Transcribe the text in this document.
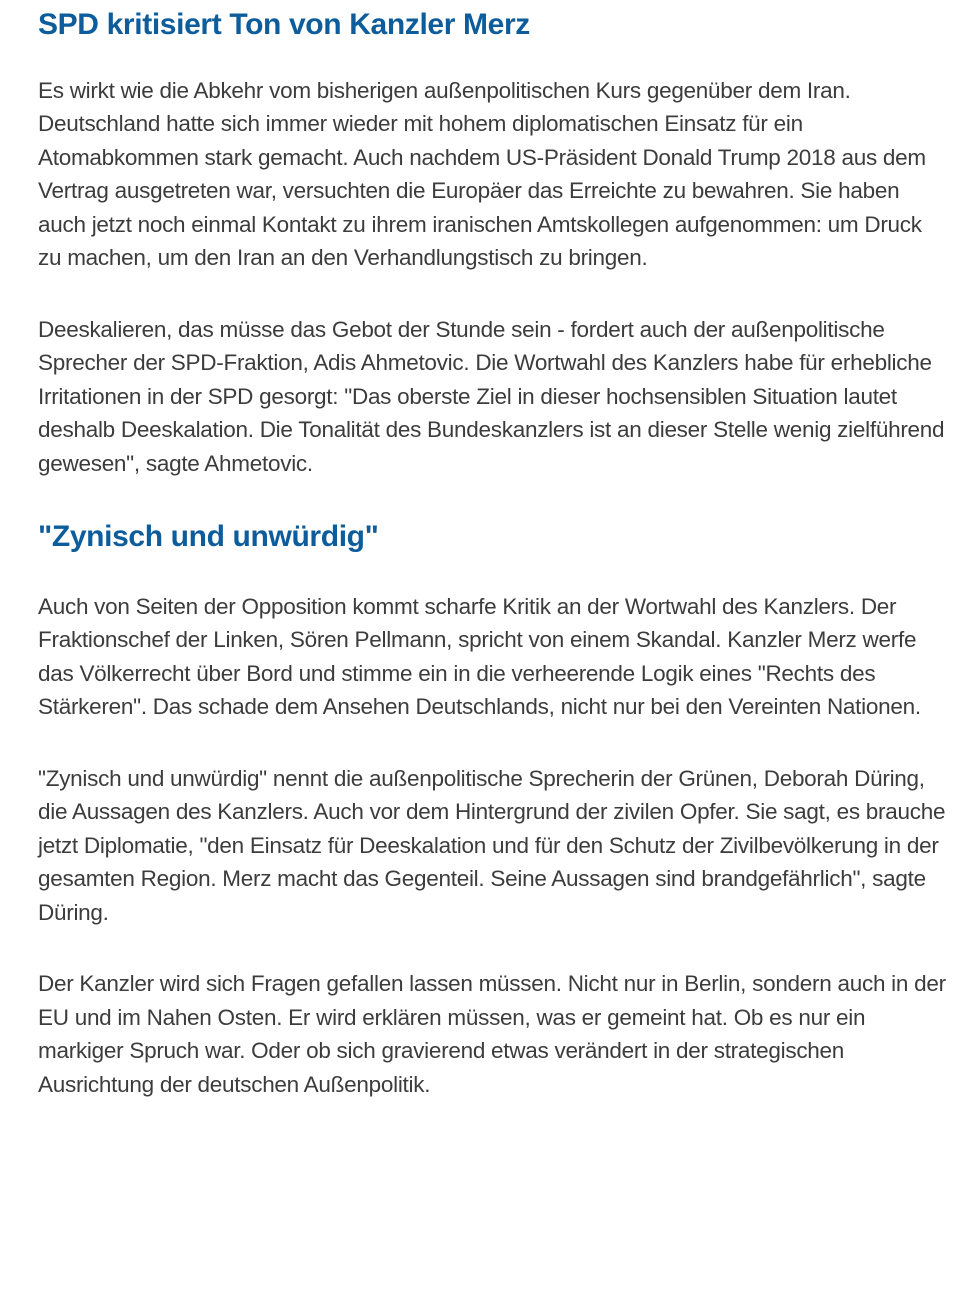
SPD kritisiert Ton von Kanzler Merz

Es wirkt wie die Abkehr vom bisherigen außenpolitischen Kurs gegenüber dem Iran. Deutschland hatte sich immer wieder mit hohem diplomatischen Einsatz für ein Atomabkommen stark gemacht. Auch nachdem US-Präsident Donald Trump 2018 aus dem Vertrag ausgetreten war, versuchten die Europäer das Erreichte zu bewahren. Sie haben auch jetzt noch einmal Kontakt zu ihrem iranischen Amtskollegen aufgenommen: um Druck zu machen, um den Iran an den Verhandlungstisch zu bringen.

Deeskalieren, das müsse das Gebot der Stunde sein - fordert auch der außenpolitische Sprecher der SPD-Fraktion, Adis Ahmetovic. Die Wortwahl des Kanzlers habe für erhebliche Irritationen in der SPD gesorgt: "Das oberste Ziel in dieser hochsensiblen Situation lautet deshalb Deeskalation. Die Tonalität des Bundeskanzlers ist an dieser Stelle wenig zielführend gewesen", sagte Ahmetovic.

"Zynisch und unwürdig"

Auch von Seiten der Opposition kommt scharfe Kritik an der Wortwahl des Kanzlers. Der Fraktionschef der Linken, Sören Pellmann, spricht von einem Skandal. Kanzler Merz werfe das Völkerrecht über Bord und stimme ein in die verheerende Logik eines "Rechts des Stärkeren". Das schade dem Ansehen Deutschlands, nicht nur bei den Vereinten Nationen.

"Zynisch und unwürdig" nennt die außenpolitische Sprecherin der Grünen, Deborah Düring, die Aussagen des Kanzlers. Auch vor dem Hintergrund der zivilen Opfer. Sie sagt, es brauche jetzt Diplomatie, "den Einsatz für Deeskalation und für den Schutz der Zivilbevölkerung in der gesamten Region. Merz macht das Gegenteil. Seine Aussagen sind brandgefährlich", sagte Düring.

Der Kanzler wird sich Fragen gefallen lassen müssen. Nicht nur in Berlin, sondern auch in der EU und im Nahen Osten. Er wird erklären müssen, was er gemeint hat. Ob es nur ein markiger Spruch war. Oder ob sich gravierend etwas verändert in der strategischen Ausrichtung der deutschen Außenpolitik.
